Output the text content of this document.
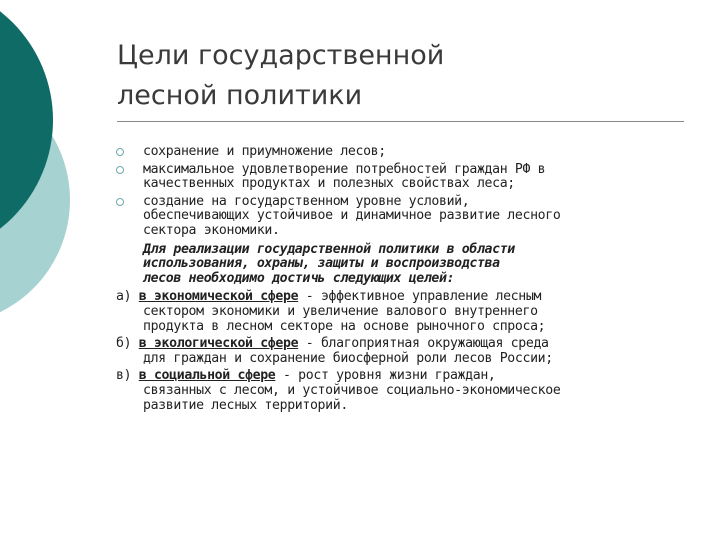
Цели государственной
лесной политики
сохранение и приумножение лесов;
максимальное удовлетворение потребностей граждан РФ в
качественных продуктах и полезных свойствах леса;
создание на государственном уровне условий,
обеспечивающих устойчивое и динамичное развитие лесного
сектора экономики.
Для реализации государственной политики в области
использования, охраны, защиты и воспроизводства
лесов необходимо достичь следующих целей:
а) в экономической сфере - эффективное управление лесным
сектором экономики и увеличение валового внутреннего
продукта в лесном секторе на основе рыночного спроса;
б) в экологической сфере - благоприятная окружающая среда
для граждан и сохранение биосферной роли лесов России;
в) в социальной сфере - рост уровня жизни граждан,
связанных с лесом, и устойчивое социально-экономическое
развитие лесных территорий.
